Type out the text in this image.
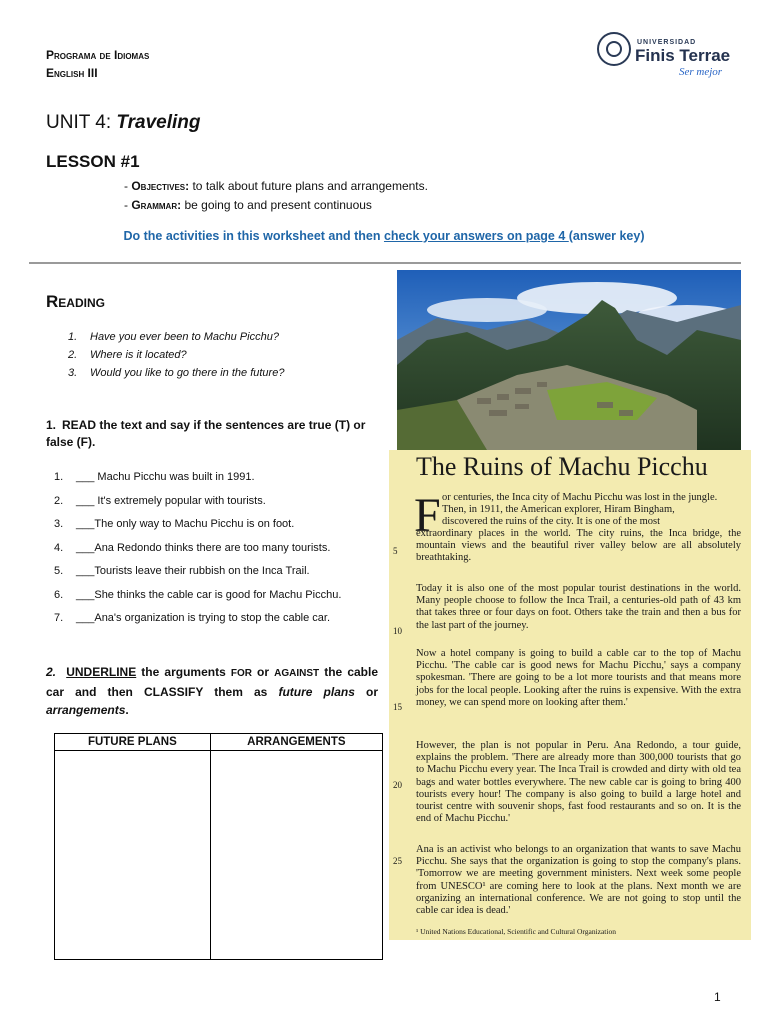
Programa de Idiomas
English III
UNIVERSIDAD
Finis Terrae
Ser mejor
UNIT 4: Traveling
LESSON #1
- Objectives: to talk about future plans and arrangements.
- Grammar: be going to and present continuous
Do the activities in this worksheet and then check your answers on page 4 (answer key)
Reading
1. Have you ever been to Machu Picchu?
2. Where is it located?
3. Would you like to go there in the future?
1. READ the text and say if the sentences are true (T) or false (F).
1. ___ Machu Picchu was built in 1991.
2. ___ It's extremely popular with tourists.
3. ___The only way to Machu Picchu is on foot.
4. ___Ana Redondo thinks there are too many tourists.
5. ___Tourists leave their rubbish on the Inca Trail.
6. ___She thinks the cable car is good for Machu Picchu.
7. ___Ana's organization is trying to stop the cable car.
2. UNDERLINE the arguments FOR or AGAINST the cable car and then CLASSIFY them as future plans or arrangements.
FUTURE PLANS	ARRANGEMENTS

The Ruins of Machu Picchu
F or centuries, the Inca city of Machu Picchu was lost in the jungle.
Then, in 1911, the American explorer, Hiram Bingham,
discovered the ruins of the city. It is one of the most
extraordinary places in the world. The city ruins, the Inca bridge, the mountain views and the beautiful river valley below are all absolutely breathtaking.
Today it is also one of the most popular tourist destinations in the world. Many people choose to follow the Inca Trail, a centuries-old path of 43 km that takes three or four days on foot. Others take the train and then a bus for the last part of the journey.
Now a hotel company is going to build a cable car to the top of Machu Picchu. 'The cable car is good news for Machu Picchu,' says a company spokesman. 'There are going to be a lot more tourists and that means more jobs for the local people. Looking after the ruins is expensive. With the extra money, we can spend more on looking after them.'
However, the plan is not popular in Peru. Ana Redondo, a tour guide, explains the problem. 'There are already more than 300,000 tourists that go to Machu Picchu every year. The Inca Trail is crowded and dirty with old tea bags and water bottles everywhere. The new cable car is going to bring 400 tourists every hour! The company is also going to build a large hotel and tourist centre with souvenir shops, fast food restaurants and so on. It is the end of Machu Picchu.'
Ana is an activist who belongs to an organization that wants to save Machu Picchu. She says that the organization is going to stop the company's plans. 'Tomorrow we are meeting government ministers. Next week some people from UNESCO¹ are coming here to look at the plans. Next month we are organizing an international conference. We are not going to stop until the cable car idea is dead.'
¹ United Nations Educational, Scientific and Cultural Organization
5
10
15
20
25
1
